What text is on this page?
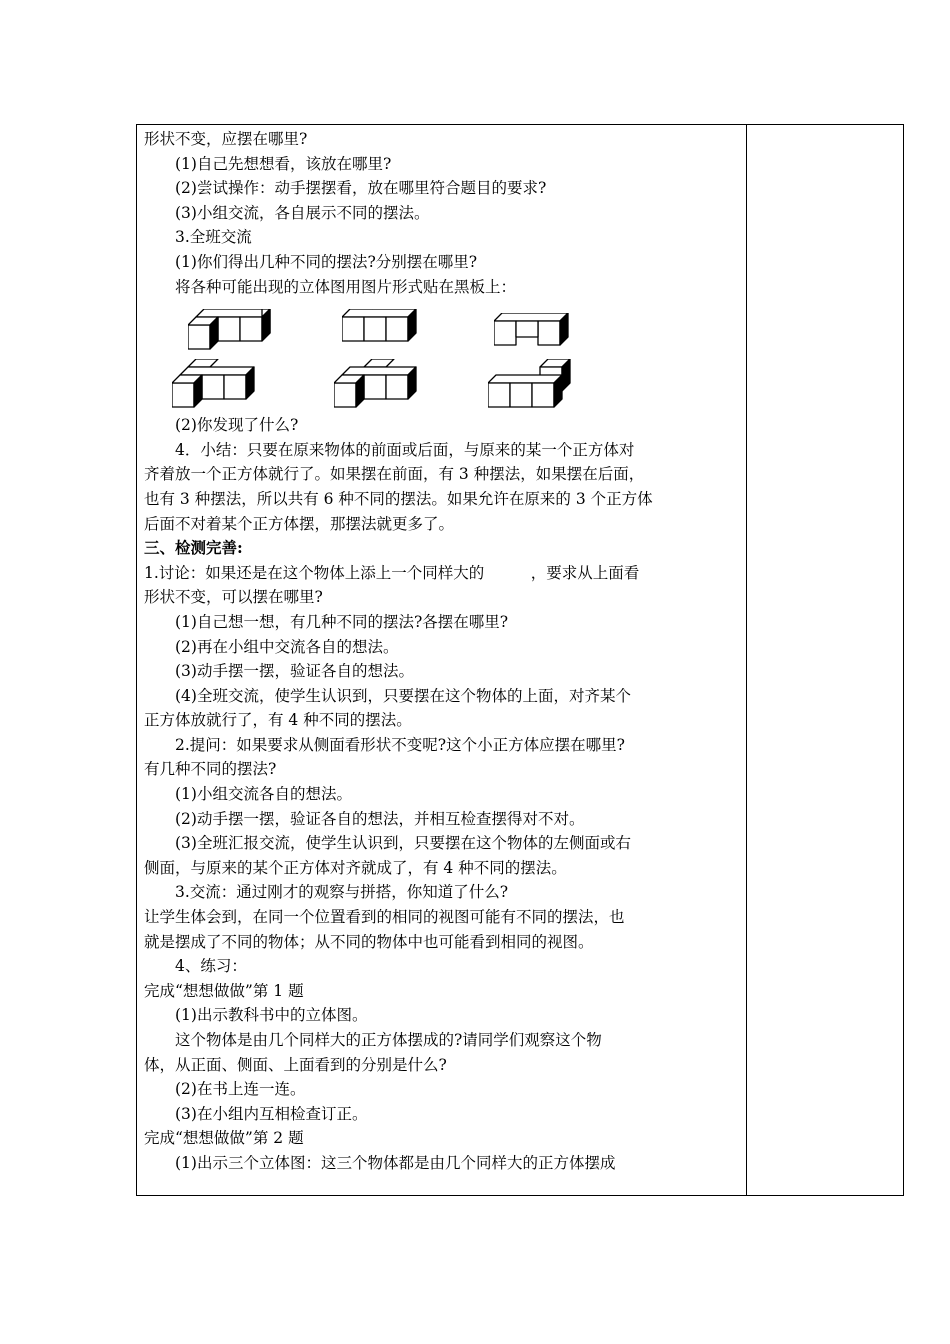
形状不变，应摆在哪里?
(1)自己先想想看，该放在哪里?
(2)尝试操作：动手摆摆看，放在哪里符合题目的要求?
(3)小组交流，各自展示不同的摆法。
3.全班交流
(1)你们得出几种不同的摆法?分别摆在哪里?
将各种可能出现的立体图用图片形式贴在黑板上：
(2)你发现了什么?
4．小结：只要在原来物体的前面或后面，与原来的某一个正方体对
齐着放一个正方体就行了。如果摆在前面，有 3 种摆法，如果摆在后面，
也有 3 种摆法，所以共有 6 种不同的摆法。如果允许在原来的 3 个正方体
后面不对着某个正方体摆，那摆法就更多了。
三、检测完善:
1.讨论：如果还是在这个物体上添上一个同样大的　　　，要求从上面看
形状不变，可以摆在哪里?
(1)自己想一想，有几种不同的摆法?各摆在哪里?
(2)再在小组中交流各自的想法。
(3)动手摆一摆，验证各自的想法。
(4)全班交流，使学生认识到，只要摆在这个物体的上面，对齐某个
正方体放就行了，有 4 种不同的摆法。
2.提问：如果要求从侧面看形状不变呢?这个小正方体应摆在哪里?
有几种不同的摆法?
(1)小组交流各自的想法。
(2)动手摆一摆，验证各自的想法，并相互检查摆得对不对。
(3)全班汇报交流，使学生认识到，只要摆在这个物体的左侧面或右
侧面，与原来的某个正方体对齐就成了，有 4 种不同的摆法。
3.交流：通过刚才的观察与拼搭，你知道了什么?
让学生体会到，在同一个位置看到的相同的视图可能有不同的摆法，也
就是摆成了不同的物体；从不同的物体中也可能看到相同的视图。
4、练习：
完成“想想做做”第 1 题
(1)出示教科书中的立体图。
这个物体是由几个同样大的正方体摆成的?请同学们观察这个物
体，从正面、侧面、上面看到的分别是什么?
(2)在书上连一连。
(3)在小组内互相检查订正。
完成“想想做做”第 2 题
(1)出示三个立体图：这三个物体都是由几个同样大的正方体摆成
